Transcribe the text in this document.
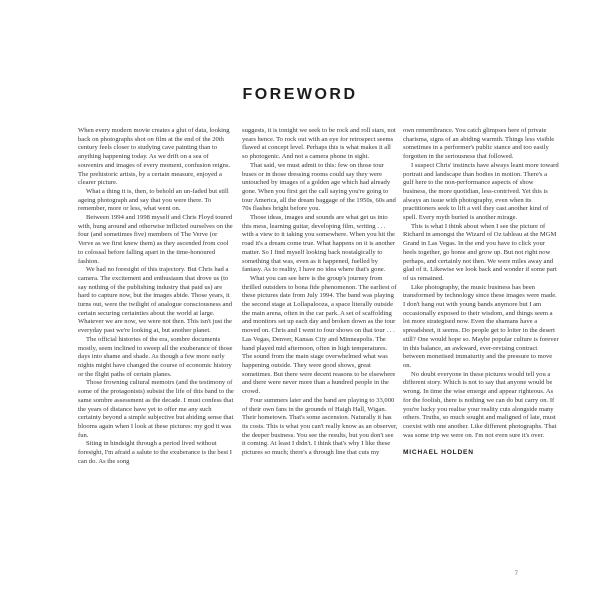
FOREWORD

When every modern movie creates a glut of data, looking back on photographs shot on film at the end of the 20th century feels closer to studying cave painting than to anything happening today. As we drift on a sea of souvenirs and images of every moment, confusion reigns. The prehistoric artists, by a certain measure, enjoyed a clearer picture.

What a thing it is, then, to behold an un-faded but still ageing photograph and say that you were there. To remember, more or less, what went on.

Between 1994 and 1998 myself and Chris Floyd toured with, hung around and otherwise inflicted ourselves on the four (and sometimes five) members of The Verve (or Verve as we first knew them) as they ascended from cool to colossal before falling apart in the time-honoured fashion.

We had no foresight of this trajectory. But Chris had a camera. The excitement and enthusiasm that drove us (to say nothing of the publishing industry that paid us) are hard to capture now, but the images abide. Those years, it turns out, were the twilight of analogue consciousness and certain securing certainties about the world at large. Whatever we are now, we were not then. This isn't just the everyday past we're looking at, but another planet.

The official histories of the era, sombre documents mostly, seem inclined to sweep all the exuberance of those days into shame and shade. As though a few more early nights might have changed the course of economic history or the flight paths of certain planes.

Those frowning cultural memoirs (and the testimony of some of the protagonists) subsist the life of this band to the same sombre assessment as the decade. I must confess that the years of distance have yet to offer me any such certainty beyond a simple subjective but abiding sense that blooms again when I look at these pictures: my god it was fun.

Siting in hindsight through a period lived without foresight, I'm afraid a salute to the exuberance is the best I can do. As the song

suggests, it is tonight we seek to be rock and roll stars, not years hence. To rock out with an eye for retrospect seems flawed at concept level. Perhaps this is what makes it all so photogenic. And not a camera phone in sight.

That said, we must admit to this: few on those tour buses or in those dressing rooms could say they were untouched by images of a golden age which had already gone. When you first get the call saying you're going to tour America, all the dream baggage of the 1950s, 60s and 70s flashes bright before you.

Those ideas, images and sounds are what get us into this mess, learning guitar, developing film, writing . . . with a view to it taking you somewhere. When you hit the road it's a dream come true. What happens on it is another matter. So I find myself looking back nostalgically to something that was, even as it happened, fuelled by fantasy. As to reality, I have no idea where that's gone.

What you can see here is the group's journey from thrilled outsiders to bona fide phenomenon. The earliest of these pictures date from July 1994. The band was playing the second stage at Lollapalooza, a space literally outside the main arena, often in the car park. A set of scaffolding and monitors set up each day and broken down as the tour moved on. Chris and I went to four shows on that tour . . . Las Vegas, Denver, Kansas City and Minneapolis. The band played mid afternoon, often in high temperatures. The sound from the main stage overwhelmed what was happening outside. They were good shows, great sometimes. But there were decent reasons to be elsewhere and there were never more than a hundred people in the crowd.

Four summers later and the band are playing to 33,000 of their own fans in the grounds of Haigh Hall, Wigan. Their hometown. That's some ascension. Naturally it has its costs. This is what you can't really know as an observer, the deeper business. You see the results, but you don't see it coming. At least I didn't. I think that's why I like these pictures so much; there's a through line that cuts my

own remembrance. You catch glimpses here of private charisma, signs of an abiding warmth. Things less visible sometimes in a performer's public stance and too easily forgotten in the seriousness that followed.

I suspect Chris' instincts have always leant more toward portrait and landscape than bodies in motion. There's a gulf here to the non-performance aspects of show business, the more quotidian, less-contrived. Yet this is always an issue with photography, even when its practitioners seek to lift a veil they cast another kind of spell. Every myth buried is another mirage.

This is what I think about when I see the picture of Richard in amongst the Wizard of Oz tableau at the MGM Grand in Las Vegas. In the end you have to click your heels together, go home and grow up. But not right now perhaps, and certainly not then. We were miles away and glad of it. Likewise we look back and wonder if some part of us remained.

Like photography, the music business has been transformed by technology since these images were made. I don't hang out with young bands anymore but I am occasionally exposed to their wisdom, and things seem a lot more strategised now. Even the shamans have a spreadsheet, it seems. Do people get to loiter in the desert still? One would hope so. Maybe popular culture is forever in this balance, an awkward, ever-revising contract between monetised immaturity and the pressure to move on.

No doubt everyone in these pictures would tell you a different story. Which is not to say that anyone would be wrong. In time the wise emerge and appear righteous. As for the foolish, there is nothing we can do but carry on. If you're lucky you realise your reality cuts alongside many others. Truths, so much sought and maligned of late, must coexist with one another. Like different photographs. That was some trip we were on. I'm not even sure it's over.

MICHAEL HOLDEN
7
